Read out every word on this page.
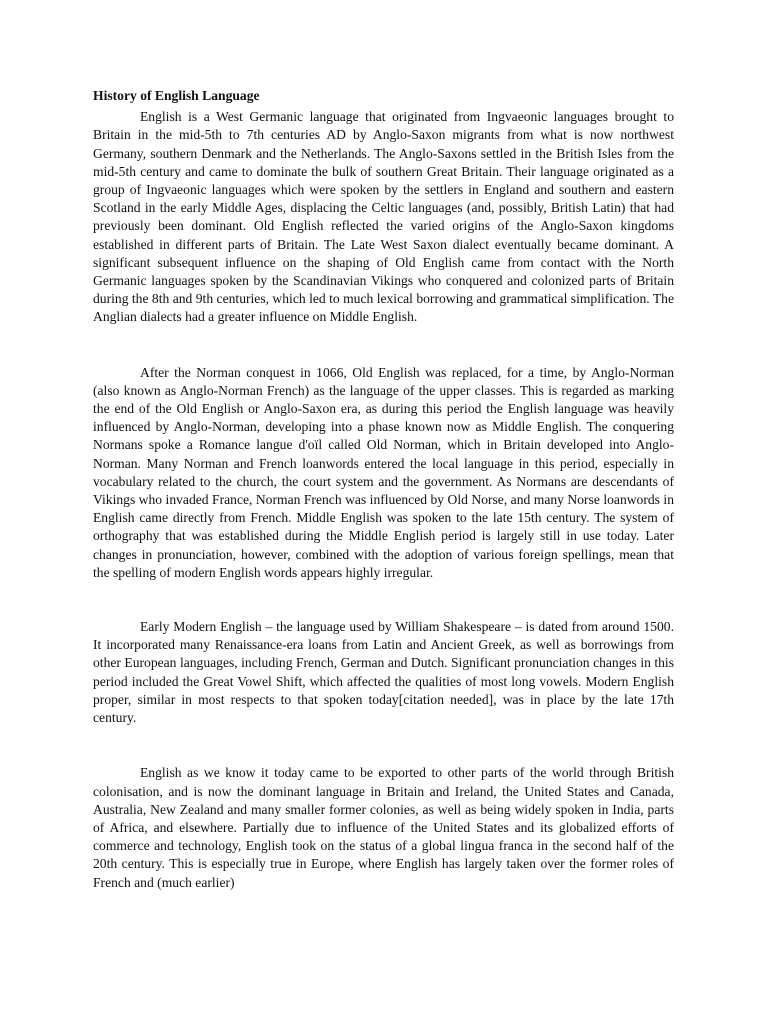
History of English Language

English is a West Germanic language that originated from Ingvaeonic languages brought to Britain in the mid-5th to 7th centuries AD by Anglo-Saxon migrants from what is now northwest Germany, southern Denmark and the Netherlands. The Anglo-Saxons settled in the British Isles from the mid-5th century and came to dominate the bulk of southern Great Britain. Their language originated as a group of Ingvaeonic languages which were spoken by the settlers in England and southern and eastern Scotland in the early Middle Ages, displacing the Celtic languages (and, possibly, British Latin) that had previously been dominant. Old English reflected the varied origins of the Anglo-Saxon kingdoms established in different parts of Britain. The Late West Saxon dialect eventually became dominant. A significant subsequent influence on the shaping of Old English came from contact with the North Germanic languages spoken by the Scandinavian Vikings who conquered and colonized parts of Britain during the 8th and 9th centuries, which led to much lexical borrowing and grammatical simplification. The Anglian dialects had a greater influence on Middle English.

After the Norman conquest in 1066, Old English was replaced, for a time, by Anglo-Norman (also known as Anglo-Norman French) as the language of the upper classes. This is regarded as marking the end of the Old English or Anglo-Saxon era, as during this period the English language was heavily influenced by Anglo-Norman, developing into a phase known now as Middle English. The conquering Normans spoke a Romance langue d'oïl called Old Norman, which in Britain developed into Anglo-Norman. Many Norman and French loanwords entered the local language in this period, especially in vocabulary related to the church, the court system and the government. As Normans are descendants of Vikings who invaded France, Norman French was influenced by Old Norse, and many Norse loanwords in English came directly from French. Middle English was spoken to the late 15th century. The system of orthography that was established during the Middle English period is largely still in use today. Later changes in pronunciation, however, combined with the adoption of various foreign spellings, mean that the spelling of modern English words appears highly irregular.

Early Modern English – the language used by William Shakespeare – is dated from around 1500. It incorporated many Renaissance-era loans from Latin and Ancient Greek, as well as borrowings from other European languages, including French, German and Dutch. Significant pronunciation changes in this period included the Great Vowel Shift, which affected the qualities of most long vowels. Modern English proper, similar in most respects to that spoken today[citation needed], was in place by the late 17th century.

English as we know it today came to be exported to other parts of the world through British colonisation, and is now the dominant language in Britain and Ireland, the United States and Canada, Australia, New Zealand and many smaller former colonies, as well as being widely spoken in India, parts of Africa, and elsewhere. Partially due to influence of the United States and its globalized efforts of commerce and technology, English took on the status of a global lingua franca in the second half of the 20th century. This is especially true in Europe, where English has largely taken over the former roles of French and (much earlier)
